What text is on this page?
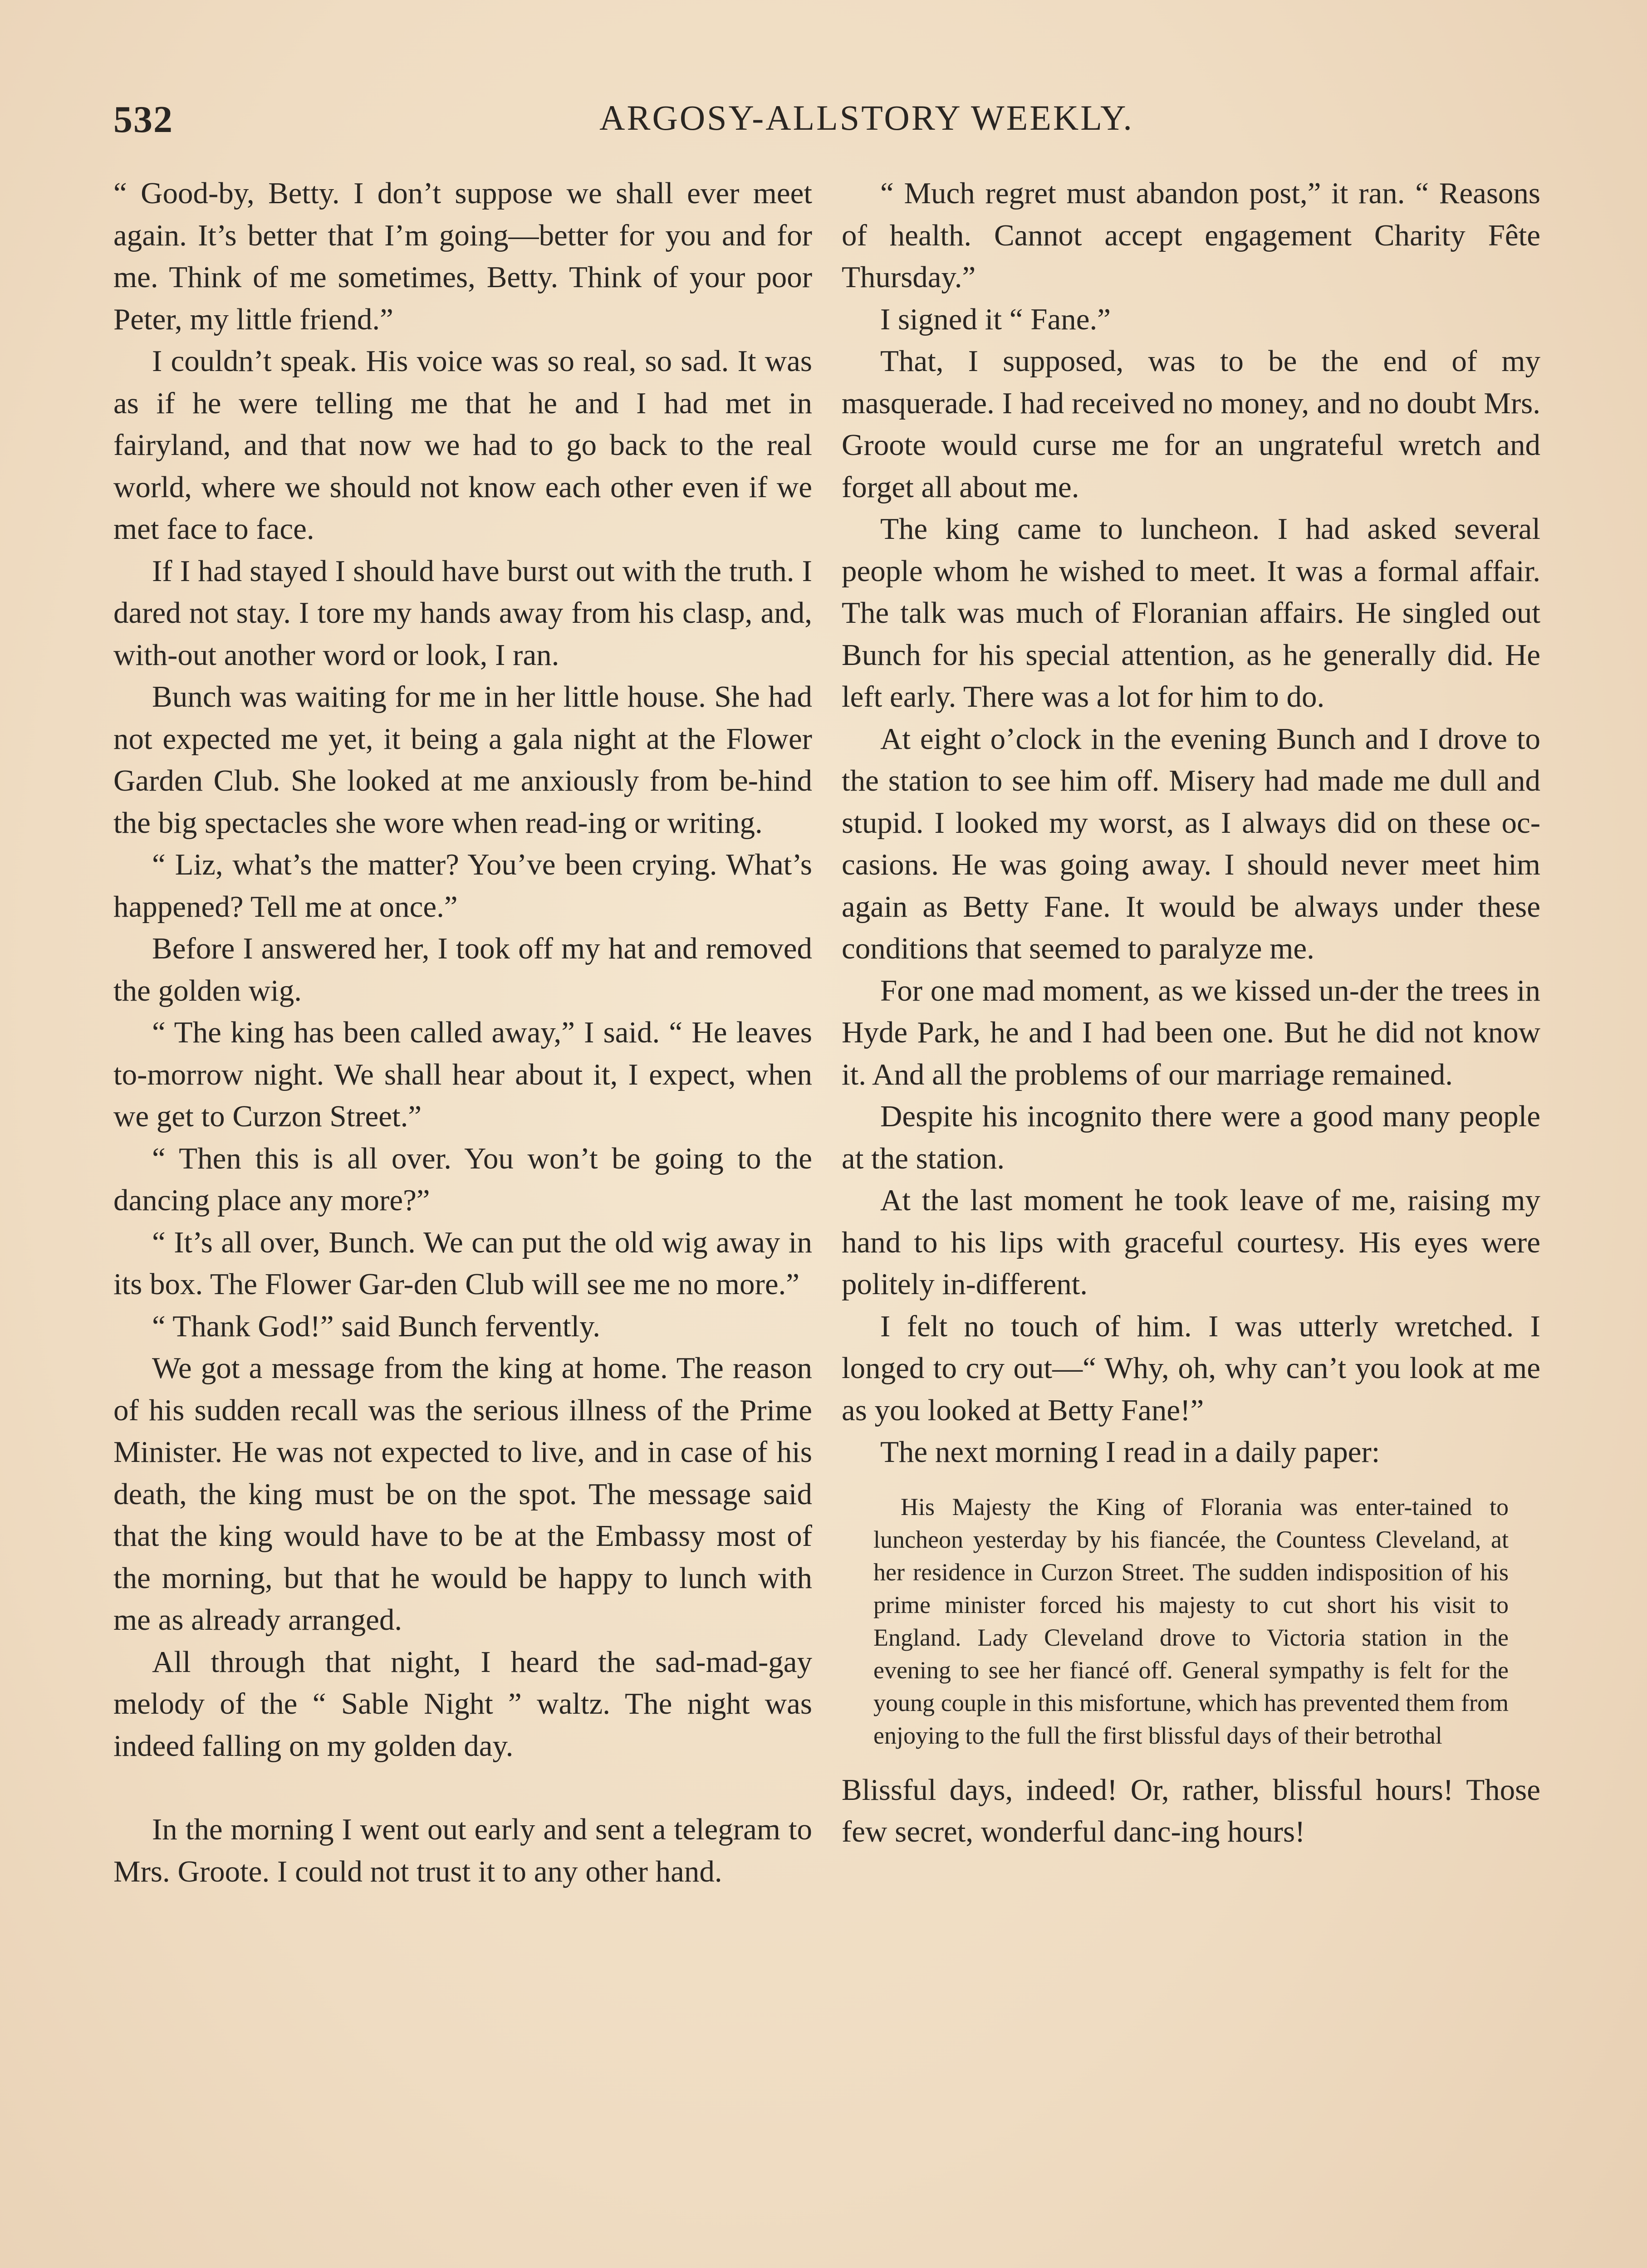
532	ARGOSY-ALLSTORY WEEKLY.

“ Good-by, Betty. I don’t suppose we shall ever meet again. It’s better that I’m going—better for you and for me. Think of me sometimes, Betty. Think of your poor Peter, my little friend.”

I couldn’t speak. His voice was so real, so sad. It was as if he were telling me that he and I had met in fairyland, and that now we had to go back to the real world, where we should not know each other even if we met face to face.

If I had stayed I should have burst out with the truth. I dared not stay. I tore my hands away from his clasp, and, with-out another word or look, I ran.

Bunch was waiting for me in her little house. She had not expected me yet, it being a gala night at the Flower Garden Club. She looked at me anxiously from be-hind the big spectacles she wore when read-ing or writing.

“ Liz, what’s the matter? You’ve been crying. What’s happened? Tell me at once.”

Before I answered her, I took off my hat and removed the golden wig.

“ The king has been called away,” I said. “ He leaves to-morrow night. We shall hear about it, I expect, when we get to Curzon Street.”

“ Then this is all over. You won’t be going to the dancing place any more?”

“ It’s all over, Bunch. We can put the old wig away in its box. The Flower Gar-den Club will see me no more.”

“ Thank God!” said Bunch fervently.

We got a message from the king at home. The reason of his sudden recall was the serious illness of the Prime Minister. He was not expected to live, and in case of his death, the king must be on the spot. The message said that the king would have to be at the Embassy most of the morning, but that he would be happy to lunch with me as already arranged.

All through that night, I heard the sad-mad-gay melody of the “ Sable Night ” waltz. The night was indeed falling on my golden day.

In the morning I went out early and sent a telegram to Mrs. Groote. I could not trust it to any other hand.

“ Much regret must abandon post,” it ran. “ Reasons of health. Cannot accept engagement Charity Fête Thursday.”

I signed it “ Fane.”

That, I supposed, was to be the end of my masquerade. I had received no money, and no doubt Mrs. Groote would curse me for an ungrateful wretch and forget all about me.

The king came to luncheon. I had asked several people whom he wished to meet. It was a formal affair. The talk was much of Floranian affairs. He singled out Bunch for his special attention, as he generally did. He left early. There was a lot for him to do.

At eight o’clock in the evening Bunch and I drove to the station to see him off. Misery had made me dull and stupid. I looked my worst, as I always did on these oc-casions. He was going away. I should never meet him again as Betty Fane. It would be always under these conditions that seemed to paralyze me.

For one mad moment, as we kissed un-der the trees in Hyde Park, he and I had been one. But he did not know it. And all the problems of our marriage remained.

Despite his incognito there were a good many people at the station.

At the last moment he took leave of me, raising my hand to his lips with graceful courtesy. His eyes were politely in-different.

I felt no touch of him. I was utterly wretched. I longed to cry out—“ Why, oh, why can’t you look at me as you looked at Betty Fane!”

The next morning I read in a daily paper:

His Majesty the King of Florania was enter-tained to luncheon yesterday by his fiancée, the Countess Cleveland, at her residence in Curzon Street. The sudden indisposition of his prime minister forced his majesty to cut short his visit to England. Lady Cleveland drove to Victoria station in the evening to see her fiancé off. General sympathy is felt for the young couple in this misfortune, which has prevented them from enjoying to the full the first blissful days of their betrothal

Blissful days, indeed! Or, rather, blissful hours! Those few secret, wonderful danc-ing hours!
